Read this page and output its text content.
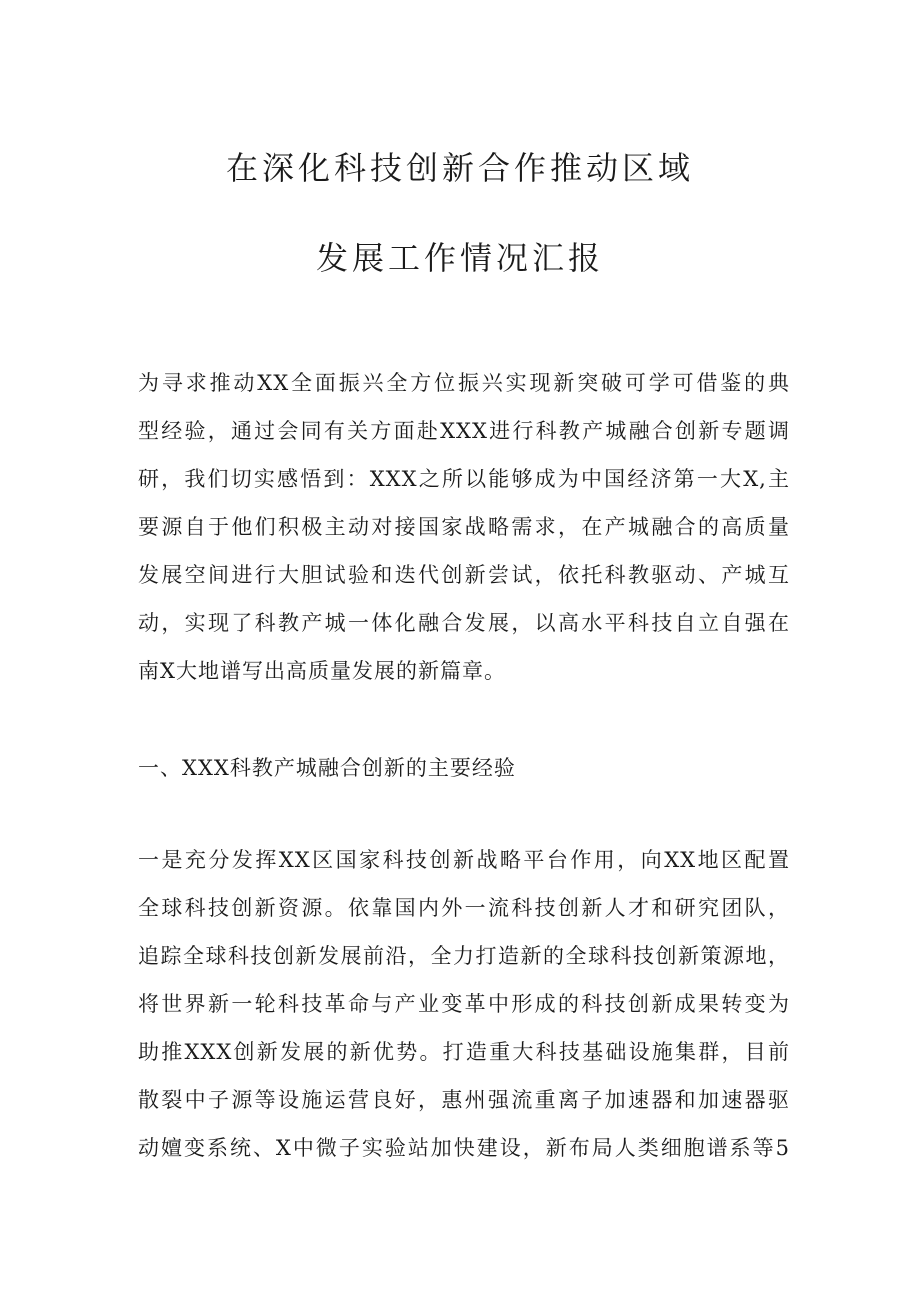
在深化科技创新合作推动区域
发展工作情况汇报
为寻求推动XX全面振兴全方位振兴实现新突破可学可借鉴的典
型经验，通过会同有关方面赴XXX进行科教产城融合创新专题调
研，我们切实感悟到：XXX之所以能够成为中国经济第一大X,主
要源自于他们积极主动对接国家战略需求，在产城融合的高质量
发展空间进行大胆试验和迭代创新尝试，依托科教驱动、产城互
动，实现了科教产城一体化融合发展，以高水平科技自立自强在
南X大地谱写出高质量发展的新篇章。
一、XXX科教产城融合创新的主要经验
一是充分发挥XX区国家科技创新战略平台作用，向XX地区配置
全球科技创新资源。依靠国内外一流科技创新人才和研究团队，
追踪全球科技创新发展前沿，全力打造新的全球科技创新策源地，
将世界新一轮科技革命与产业变革中形成的科技创新成果转变为
助推XXX创新发展的新优势。打造重大科技基础设施集群，目前
散裂中子源等设施运营良好，惠州强流重离子加速器和加速器驱
动嬗变系统、X中微子实验站加快建设，新布局人类细胞谱系等5
